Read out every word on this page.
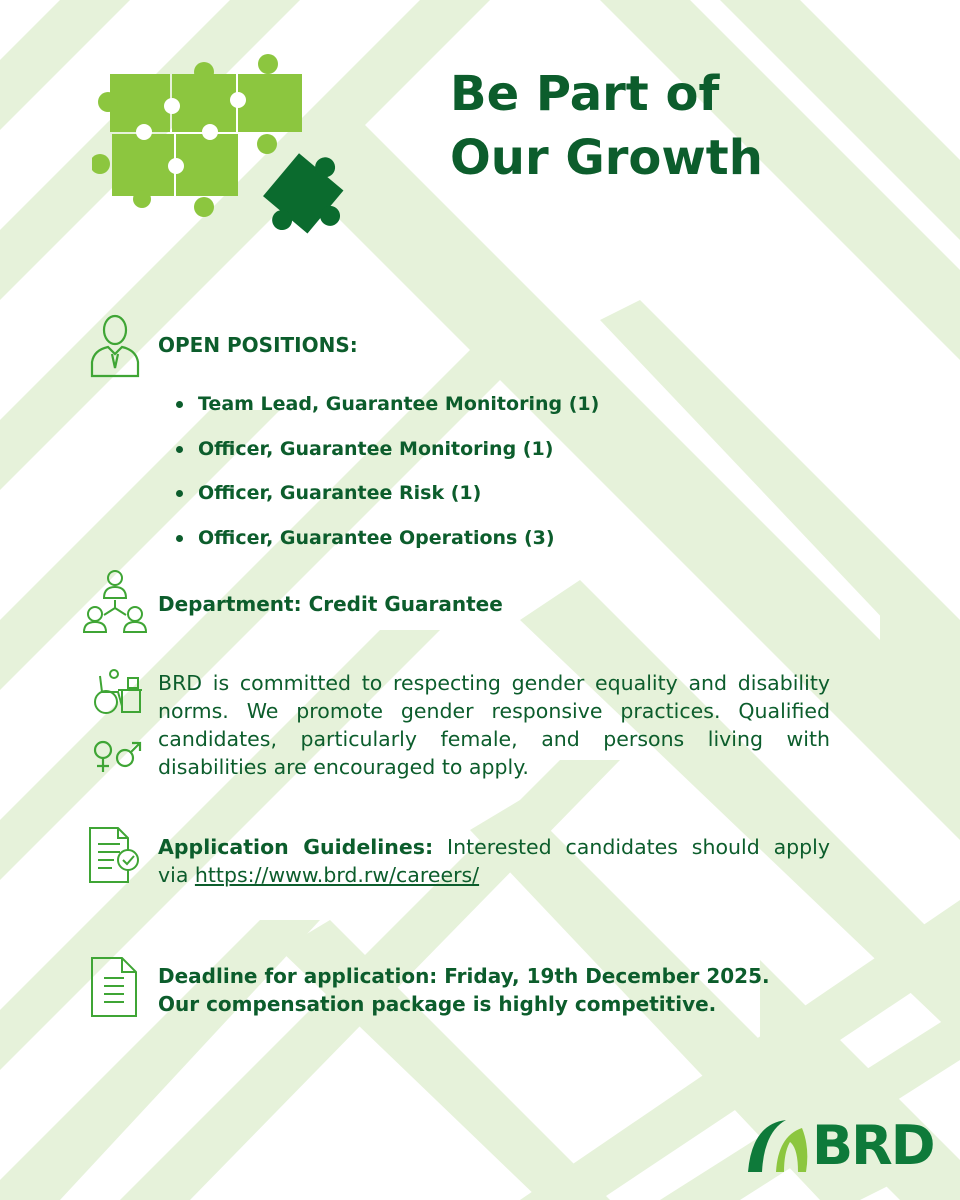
Be Part of
Our Growth
OPEN POSITIONS:
Team Lead, Guarantee Monitoring (1)
Officer, Guarantee Monitoring (1)
Officer, Guarantee Risk (1)
Officer, Guarantee Operations (3)
Department: Credit Guarantee

BRD is committed to respecting gender equality and disability norms. We promote gender responsive practices. Qualified candidates, particularly female, and persons living with disabilities are encouraged to apply.

Application Guidelines: Interested candidates should apply via https://www.brd.rw/careers/

Deadline for application: Friday, 19th December 2025.
Our compensation package is highly competitive.
BRD
